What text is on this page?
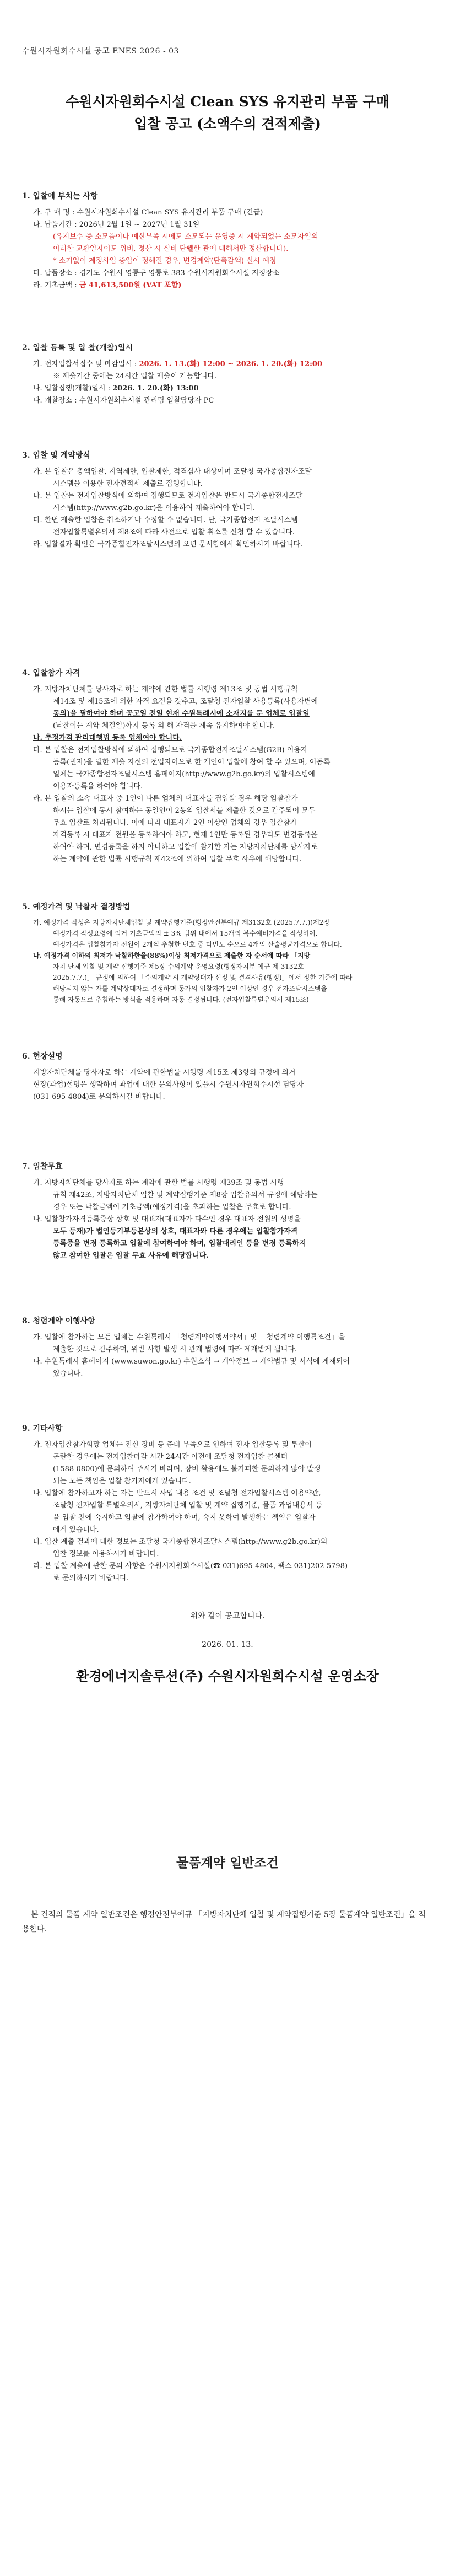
수원시자원회수시설 공고 ENES 2026 - 03
수원시자원회수시설 Clean SYS 유지관리 부품 구매
입찰 공고 (소액수의 견적제출)
1. 입찰에 부치는 사항
가. 구 매 명 : 수원시자원회수시설 Clean SYS 유지관리 부품 구매 (긴급)
나. 납품기간 : 2026년 2월 1일 ~ 2027년 1월 31일
(유지보수 중 소모품이나 예산부족 시에도 소모되는 운영중 시 계약되었는 소모자입의
이러한 교환일자이도 위비, 정산 시 실비 단쀌한 관에 대해서만 정산합니다).
* 소기없이 계정사업 중입이 정해질 경우, 변경계약(단축감액) 실시 예정
다. 납품장소 : 경기도 수원시 영통구 영통로 383 수원시자원회수시설 지정장소
라. 기초금액 : 금 41,613,500원 (VAT 포함)
2. 입찰 등록 및 입 찰(개찰)일시
가. 전자입찰서접수 및 마감일시 : 2026. 1. 13.(화) 12:00 ~ 2026. 1. 20.(화) 12:00
※ 제출기간 중에는 24시간 입찰 제출이 가능합니다.
나. 입찰집행(개찰)일시 : 2026. 1. 20.(화) 13:00
다. 개찰장소 : 수원시자원회수시설 관리팀 입찰담당자 PC
3. 입찰 및 계약방식
가. 본 입찰은 총액입찰, 지역제한, 입찰제한, 적격심사 대상이며 조달청 국가종합전자조달
시스템을 이용한 전자견적서 제출로 집행합니다.
나. 본 입찰는 전자입찰방식에 의하여 집행되므로 전자입찰은 반드시 국가종합전자조달
시스템(http://www.g2b.go.kr)을 이용하여 제출하여야 합니다.
다. 한번 제출한 입찰은 취소하거나 수정할 수 없습니다. 단, 국가종합전자 조달시스템
전자입찰특별유의서 제8조에 따라 사전으로 입찰 취소를 신청 할 수 있습니다.
라. 입찰결과 확인은 국가종합전자조달시스템의 오년 문서함에서 확인하시기 바랍니다.
4. 입찰참가 자격
가. 지방자치단체를 당사자로 하는 계약에 관한 법률 시행령 제13조 및 동법 시행규칙
제14조 및 제15조에 의한 자격 요건을 갖추고, 조달청 전자입찰 사용등록(사용자변에
동의)을 필하여야 하며 공고일 전일 현재 수원특례시에 소재지를 둔 업체로 입찰일
(낙찰이는 계약 체결일)까지 등록 의 해 자격을 계속 유지하여야 합니다.
나. 추정가격 관리대행법 등록 업체여야 합니다.
다. 본 입찰은 전자입찰방식에 의하여 집행되므로 국가종합전자조달시스템(G2B) 이용자
등록(빈자)을 필한 제출 자선의 전입자이으로 한 개인이 입찰에 참여 할 수 있으며, 이동록
일체는 국가종합전자조달시스템 홈페이지(http://www.g2b.go.kr)의 입찰시스템에
이용자등록을 하여야 합니다.
라. 본 입찰의 소속 대표자 중 1인이 다른 업체의 대표자를 겸임할 경우 해당 입찰참가
하시는 입찰에 동시 참여하는 동일인이 2통의 입찰서를 제출한 것으로 간주되어 모두
무효 입찰로 처리됩니다. 이에 따라 대표자가 2인 이상인 업체의 경우 입찰참가
자격등록 시 대표자 전원을 등록하여야 하고, 현재 1인만 등록된 경우라도 변경등록을
하여야 하며, 변경등록을 하지 아니하고 입찰에 참가한 자는 지방자치단체를 당사자로
하는 계약에 관한 법률 시행규칙 제42조에 의하여 입찰 무효 사유에 해당합니다.
5. 예정가격 및 낙찰자 결정방법
가. 예정가격 작성은 지방자치단체입찰 및 계약집행기준(행정안전부예규 제3132호 (2025.7.7.))제2장
예정가격 작성요령에 의거 기초금액의 ± 3% 범위 내에서 15개의 복수예비가격을 작성하여,
예정가격은 입찰참가자 전원이 2개씩 추첨한 번호 중 다빈도 순으로 4개의 산술평균가격으로 합니다.
나. 예정가격 이하의 최저가 낙찰하한율(88%)이상 최저가격으로 제출한 자 순서에 따라 「지방
자치 단체 입찰 및 계약 집행기준 제5장 수의계약 운영요령(행정자치부 예규 제 3132호
2025.7.7.)」 규정에 의하여 「수의계약 시 계약상대자 선정 및 결격사유(행정)」에서 정한 기준에 따라
해당되지 않는 자를 계약상대자로 결정하며 동가의 입찰자가 2인 이상인 경우 전자조달시스템을
통해 자동으로 추첨하는 방식을 적용하며 자동 결정됩니다. (전자입찰특별유의서 제15조)
6. 현장설명
지방자치단체를 당사자로 하는 계약에 관한법률 시행령 제15조 제3항의 규정에 의거
현장(과업)설명은 생략하며 과업에 대한 문의사항이 있을시 수원시자원회수시설 담당자
(031-695-4804)로 문의하시길 바랍니다.
7. 입찰무효
가. 지방자치단체를 당사자로 하는 계약에 관한 법률 시행령 제39조 및 동법 시행
규칙 제42조, 지방자치단체 입찰 및 계약집행기준 제8장 입찰유의서 규정에 해당하는
경우 또는 낙찰금액이 기초금액(예정가격)을 초과하는 입찰은 무효로 합니다.
나. 입찰참가자격등록증상 상호 및 대표자(대표자가 다수인 경우 대표자 전원의 성명을
모두 등재)가 법인등기부등본상의 상호, 대표자와 다른 경우에는 입찰참가자격
등록증을 변경 등록하고 입찰에 참여하여야 하며, 입찰대리인 등을 변경 등록하지
않고 참여한 입찰은 입찰 무효 사유에 해당합니다.
8. 청렴계약 이행사항
가. 입찰에 참가하는 모든 업체는 수원특례시 「청렴계약이행서약서」및 「청렴계약 이행특조건」을
제출한 것으로 간주하며, 위반 사항 발생 시 관계 법령에 따라 제재받게 됩니다.
나. 수원특례시 홈페이지 (www.suwon.go.kr) 수원소식 → 계약정보 → 계약법규 및 서식에 게재되어
있습니다.
9. 기타사항
가. 전자입찰참가희망 업체는 전산 장비 등 준비 부족으로 인하여 전자 입찰등록 및 투찰이
곤란한 경우에는 전자입찰마감 시간 24시간 이전에 조달청 전자입찰 콜센터
(1588-0800)에 문의하여 주시기 바라며, 장비 활용에도 불가피한 문의하지 않아 발생
되는 모든 책임은 입찰 참가자에게 있습니다.
나. 입찰에 참가하고자 하는 자는 반드시 사업 내용 조건 및 조달청 전자입찰시스템 이용약관,
조달청 전자입찰 특별유의서, 지방자치단체 입찰 및 계약 집행기준, 물품 과업내용서 등
을 입찰 전에 숙지하고 입찰에 참가하여야 하며, 숙지 못하여 발생하는 책임은 입찰자
에게 있습니다.
다. 입찰 계출 결과에 대한 정보는 조달청 국가종합전자조달시스템(http://www.g2b.go.kr)의
입찰 정보를 이용하시기 바랍니다.
라. 본 입찰 계출에 관한 문의 사항은 수원시자원회수시설(☎ 031)695-4804, 팩스 031)202-5798)
로 문의하시기 바랍니다.
위와 같이 공고합니다.
2026. 01. 13.
환경에너지솔루션(주) 수원시자원회수시설 운영소장
물품계약 일반조건
본 건적의 물품 계약 일반조건은 행정안전부에규 「지방자치단체 입찰 및 계약집행기준 5장 물품계약 일반조건」을 적용한다.
